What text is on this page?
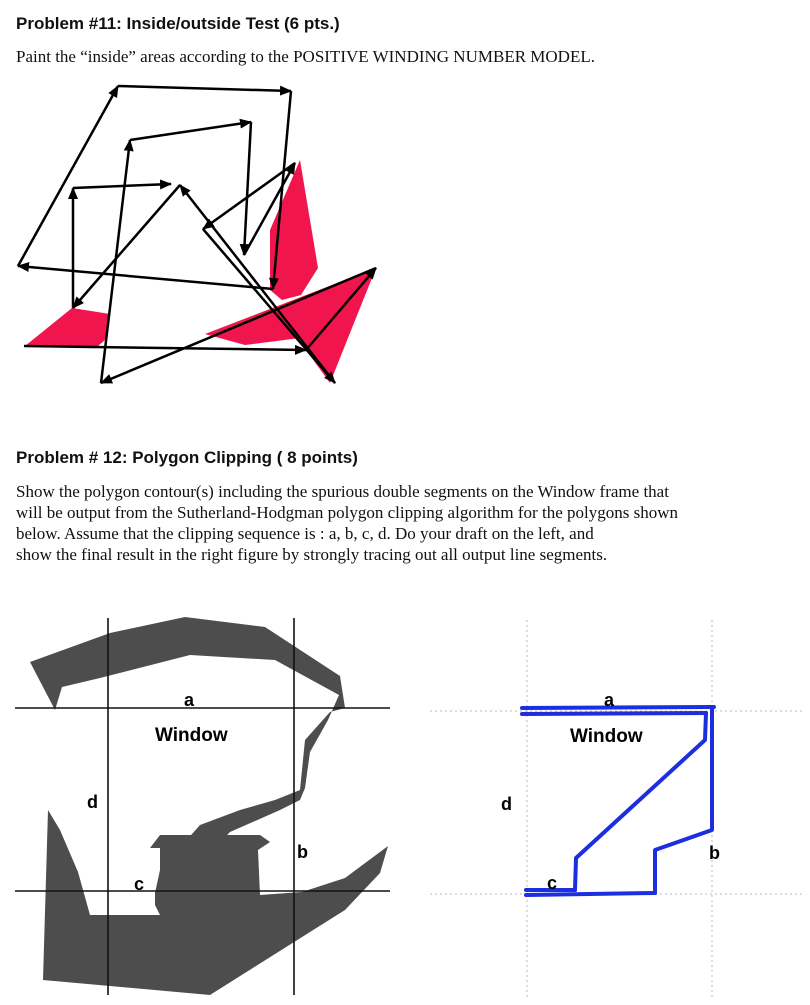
Problem #11: Inside/outside Test (6 pts.)
Paint the “inside” areas according to the POSITIVE WINDING NUMBER MODEL.
Problem # 12: Polygon Clipping ( 8 points)
Show the polygon contour(s) including the spurious double segments on the Window frame that
will be output from the Sutherland-Hodgman polygon clipping algorithm for the polygons shown
below. Assume that the clipping sequence is : a, b, c, d. Do your draft on the left, and
show the final result in the right figure by strongly tracing out all output line segments.
a
Window
d
b
c
a
Window
d
b
c
